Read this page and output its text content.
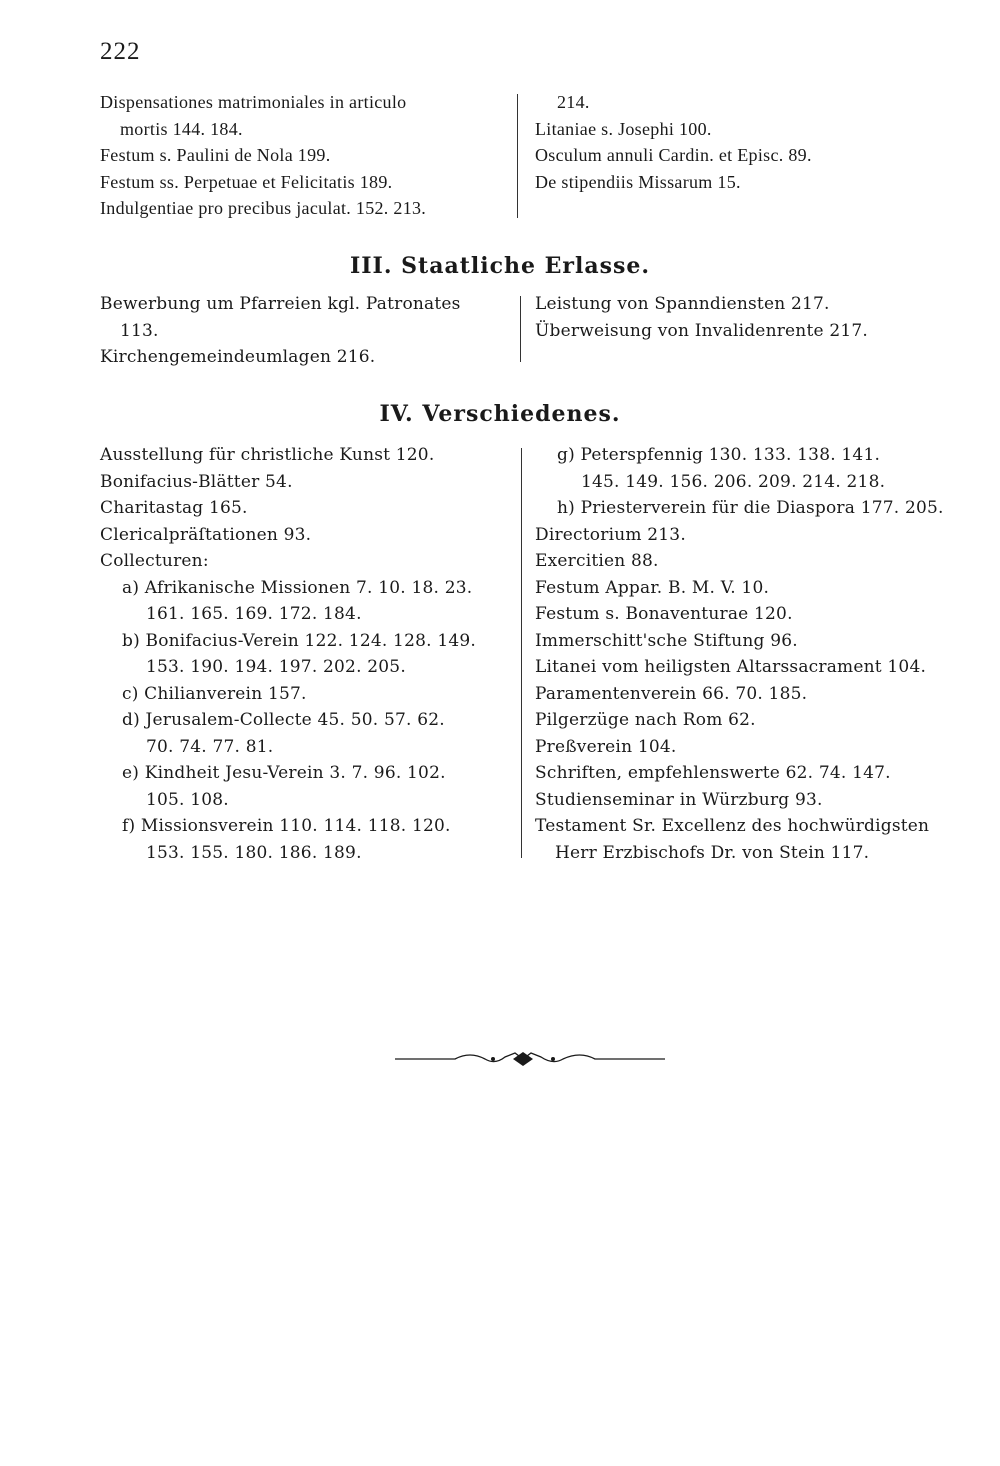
222
Dispensationes matrimoniales in articulo
mortis 144. 184.
Festum s. Paulini de Nola 199.
Festum ss. Perpetuae et Felicitatis 189.
Indulgentiae pro precibus jaculat. 152. 213.
214.
Litaniae s. Josephi 100.
Osculum annuli Cardin. et Episc. 89.
De stipendiis Missarum 15.
III. Staatliche Erlasse.
Bewerbung um Pfarreien kgl. Patronates
113.
Kirchengemeindeumlagen 216.
Leistung von Spanndiensten 217.
Überweisung von Invalidenrente 217.
IV. Verschiedenes.
Ausstellung für christliche Kunst 120.
Bonifacius-Blätter 54.
Charitastag 165.
Clericalpräſtationen 93.
Collecturen:
a) Afrikanische Missionen 7. 10. 18. 23.
161. 165. 169. 172. 184.
b) Bonifacius-Verein 122. 124. 128. 149.
153. 190. 194. 197. 202. 205.
c) Chilianverein 157.
d) Jerusalem-Collecte 45. 50. 57. 62.
70. 74. 77. 81.
e) Kindheit Jesu-Verein 3. 7. 96. 102.
105. 108.
f) Missionsverein 110. 114. 118. 120.
153. 155. 180. 186. 189.
g) Peterspfennig 130. 133. 138. 141.
145. 149. 156. 206. 209. 214. 218.
h) Priesterverein für die Diaspora 177. 205.
Directorium 213.
Exercitien 88.
Festum Appar. B. M. V. 10.
Festum s. Bonaventurae 120.
Immerschitt'sche Stiftung 96.
Litanei vom heiligsten Altarssacrament 104.
Paramentenverein 66. 70. 185.
Pilgerzüge nach Rom 62.
Preßverein 104.
Schriften, empfehlenswerte 62. 74. 147.
Studienseminar in Würzburg 93.
Testament Sr. Excellenz des hochwürdigsten
Herr Erzbischofs Dr. von Stein 117.
